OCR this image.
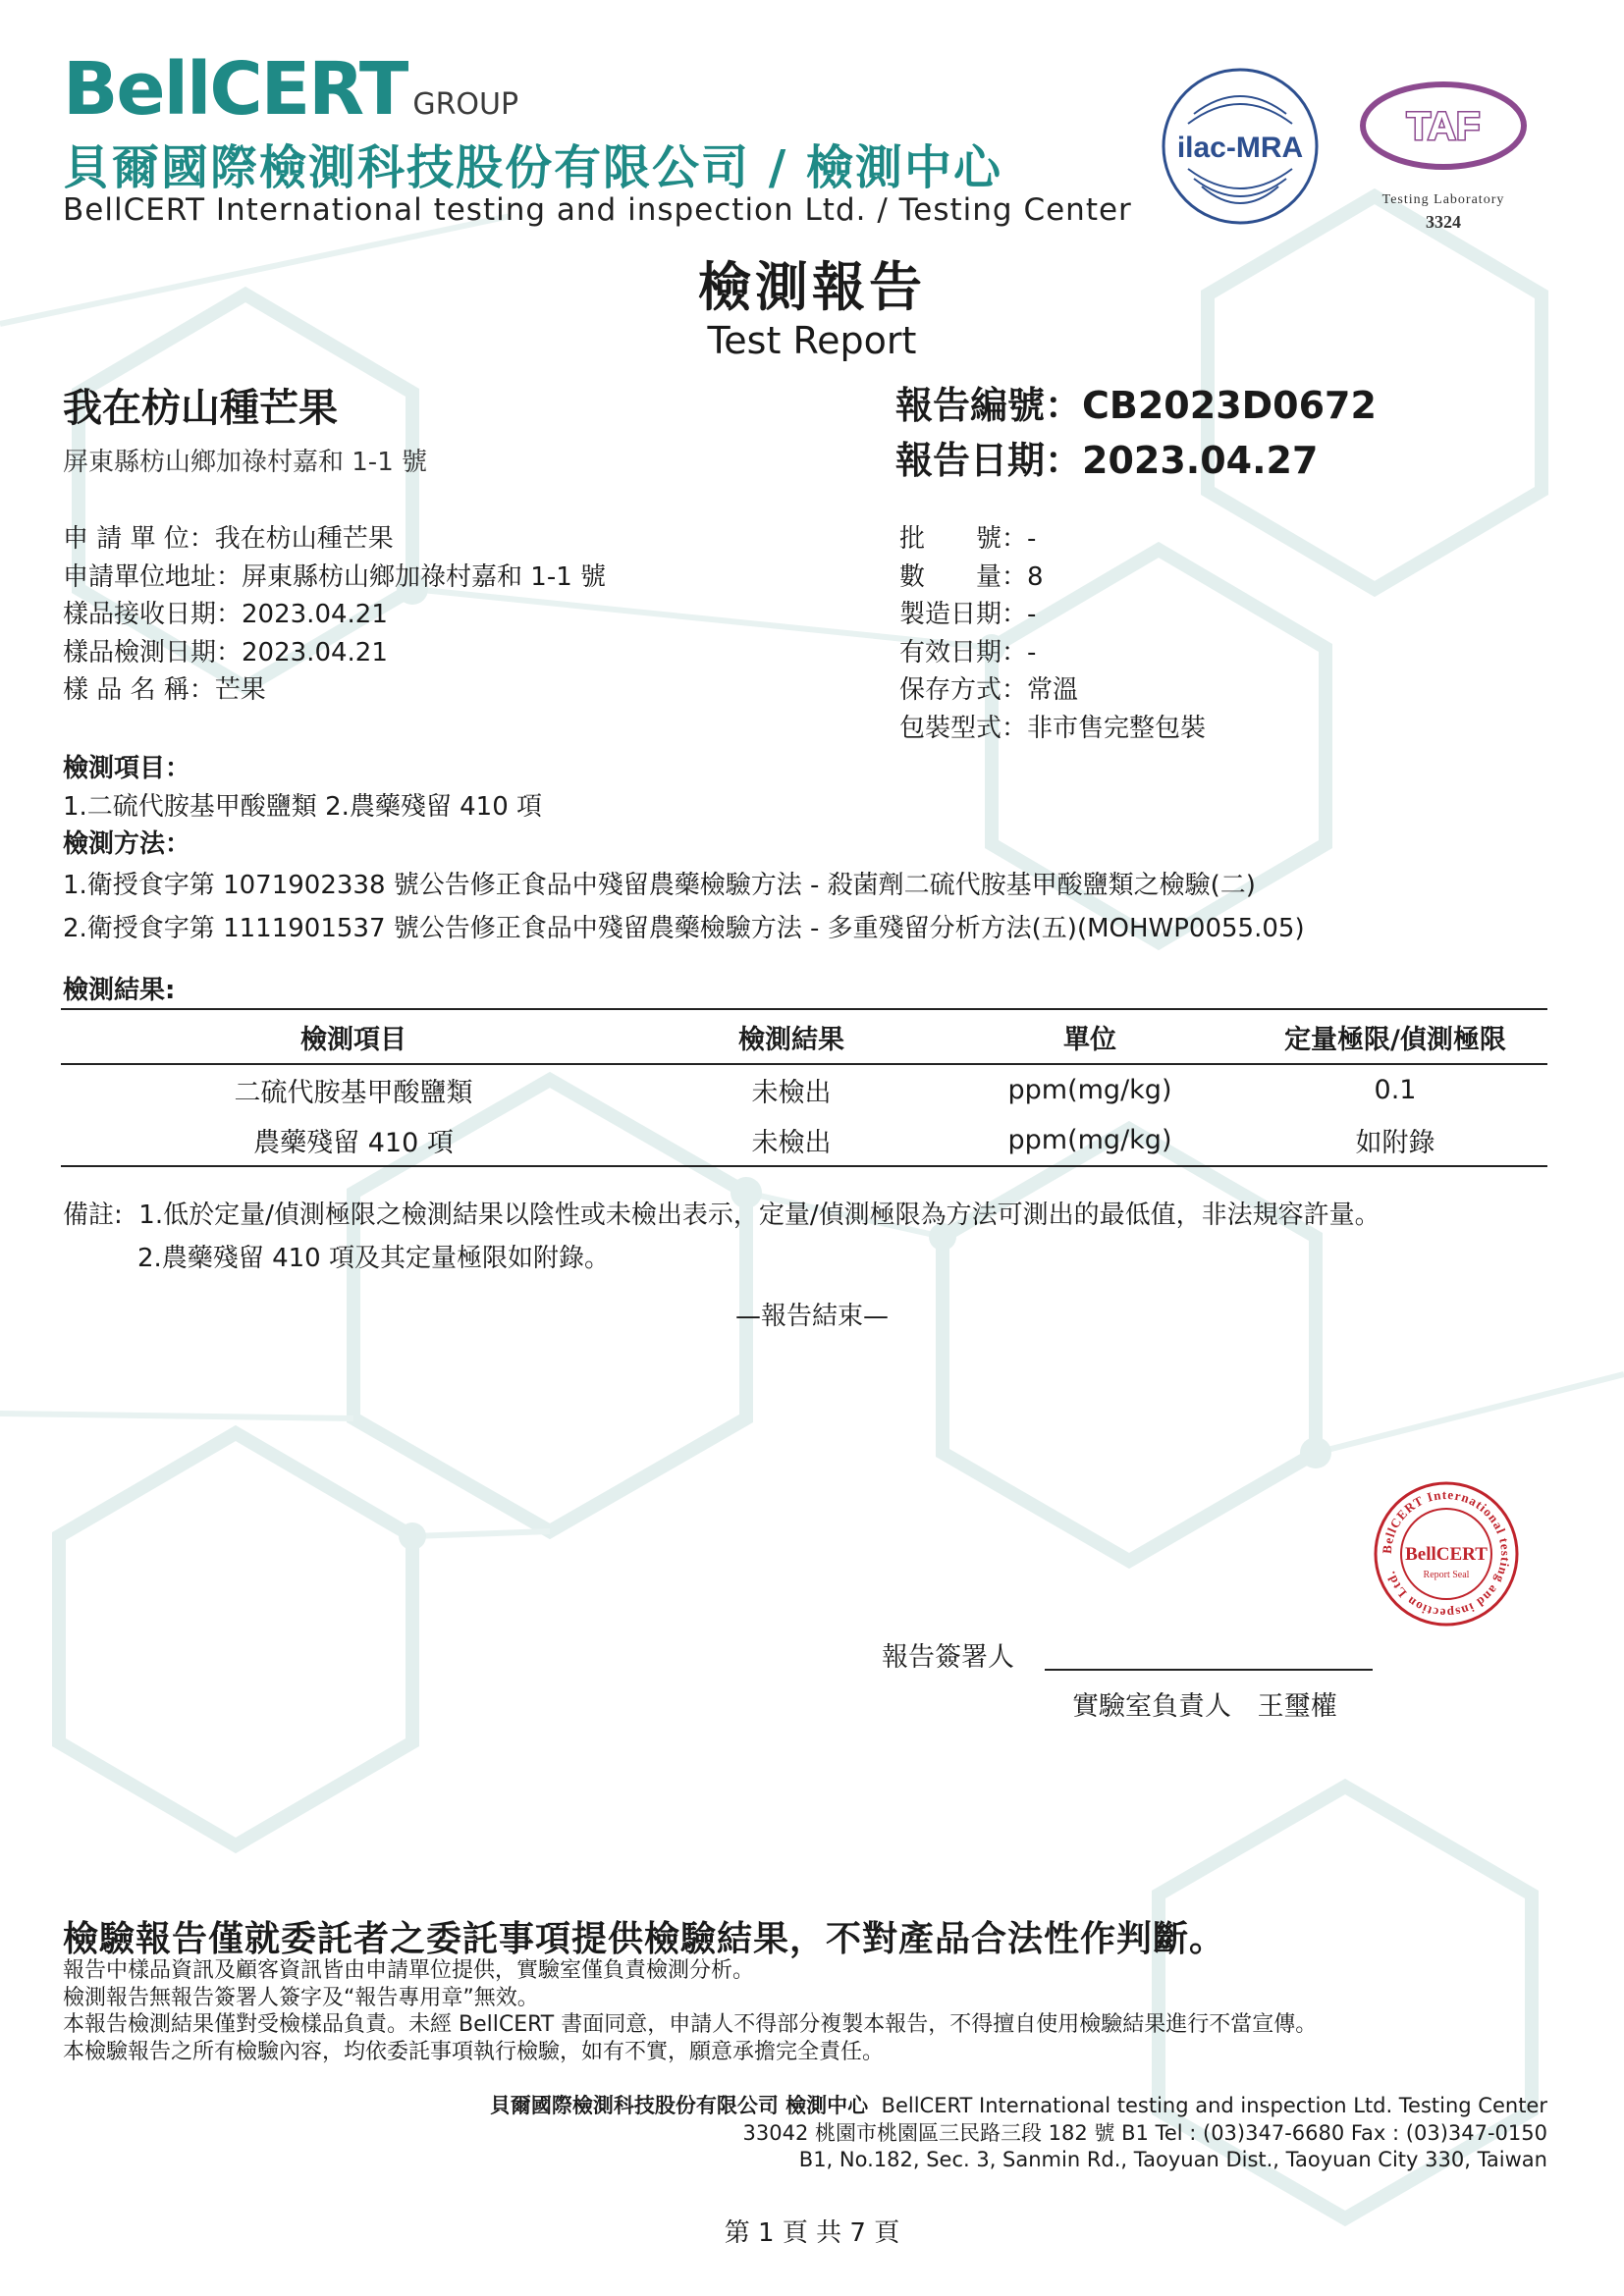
BellCERT GROUP
貝爾國際檢測科技股份有限公司 / 檢測中心
BellCERT International testing and inspection Ltd. / Testing Center
ilac-MRA	TAF
Testing Laboratory
3324
檢測報告
Test Report
我在枋山種芒果
屏東縣枋山鄉加祿村嘉和 1-1 號
報告編號：CB2023D0672
報告日期：2023.04.27
申 請 單 位：我在枋山種芒果
申請單位地址：屏東縣枋山鄉加祿村嘉和 1-1 號
樣品接收日期：2023.04.21
樣品檢測日期：2023.04.21
樣 品 名 稱：芒果
批　　號：-
數　　量：8
製造日期：-
有效日期：-
保存方式：常溫
包裝型式：非市售完整包裝
檢測項目：
1.二硫代胺基甲酸鹽類 2.農藥殘留 410 項
檢測方法：
1.衛授食字第 1071902338 號公告修正食品中殘留農藥檢驗方法 - 殺菌劑二硫代胺基甲酸鹽類之檢驗(二)
2.衛授食字第 1111901537 號公告修正食品中殘留農藥檢驗方法 - 多重殘留分析方法(五)(MOHWP0055.05)
檢測結果:
檢測項目	檢測結果	單位	定量極限/偵測極限
二硫代胺基甲酸鹽類	未檢出	ppm(mg/kg)	0.1
農藥殘留 410 項	未檢出	ppm(mg/kg)	如附錄
備註: 1.低於定量/偵測極限之檢測結果以陰性或未檢出表示，定量/偵測極限為方法可測出的最低值，非法規容許量。
2.農藥殘留 410 項及其定量極限如附錄。
—報告結束—
BellCERT International testing and inspection Ltd.
BellCERT
Report Seal
報告簽署人
實驗室負責人 王璽權
檢驗報告僅就委託者之委託事項提供檢驗結果，不對產品合法性作判斷。
報告中樣品資訊及顧客資訊皆由申請單位提供，實驗室僅負責檢測分析。
檢測報告無報告簽署人簽字及“報告專用章”無效。
本報告檢測結果僅對受檢樣品負責。未經 BellCERT 書面同意，申請人不得部分複製本報告，不得擅自使用檢驗結果進行不當宣傳。
本檢驗報告之所有檢驗內容，均依委託事項執行檢驗，如有不實，願意承擔完全責任。
貝爾國際檢測科技股份有限公司 檢測中心 BellCERT International testing and inspection Ltd. Testing Center
33042 桃園市桃園區三民路三段 182 號 B1 Tel : (03)347-6680 Fax : (03)347-0150
B1, No.182, Sec. 3, Sanmin Rd., Taoyuan Dist., Taoyuan City 330, Taiwan
第 1 頁 共 7 頁
